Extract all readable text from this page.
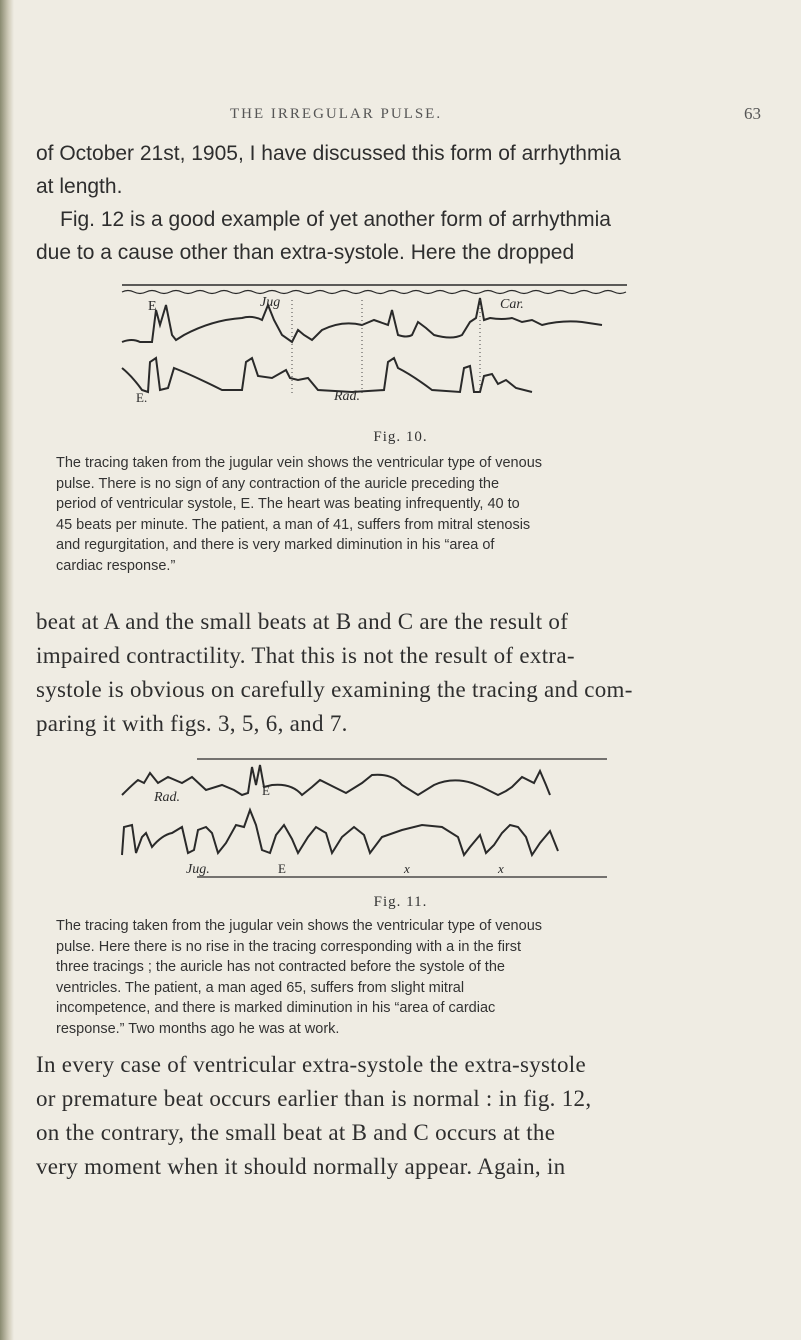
THE IRREGULAR PULSE.	63

of October 21st, 1905, I have discussed this form of arrhythmia

at length.

Fig. 12 is a good example of yet another form of arrhythmia

due to a cause other than extra-systole. Here the dropped

E	Jug	Car.
E.	Rad.
Fig. 10.

The tracing taken from the jugular vein shows the ventricular type of venous

pulse. There is no sign of any contraction of the auricle preceding the

period of ventricular systole, E. The heart was beating infrequently, 40 to

45 beats per minute. The patient, a man of 41, suffers from mitral stenosis

and regurgitation, and there is very marked diminution in his “area of

cardiac response.”

beat at A and the small beats at B and C are the result of

impaired contractility. That this is not the result of extra-

systole is obvious on carefully examining the tracing and com-

paring it with figs. 3, 5, 6, and 7.

Rad.	E
Jug.	E	x	x
Fig. 11.

The tracing taken from the jugular vein shows the ventricular type of venous

pulse. Here there is no rise in the tracing corresponding with a in the first

three tracings ; the auricle has not contracted before the systole of the

ventricles. The patient, a man aged 65, suffers from slight mitral

incompetence, and there is marked diminution in his “area of cardiac

response.” Two months ago he was at work.

In every case of ventricular extra-systole the extra-systole

or premature beat occurs earlier than is normal : in fig. 12,

on the contrary, the small beat at B and C occurs at the

very moment when it should normally appear. Again, in
